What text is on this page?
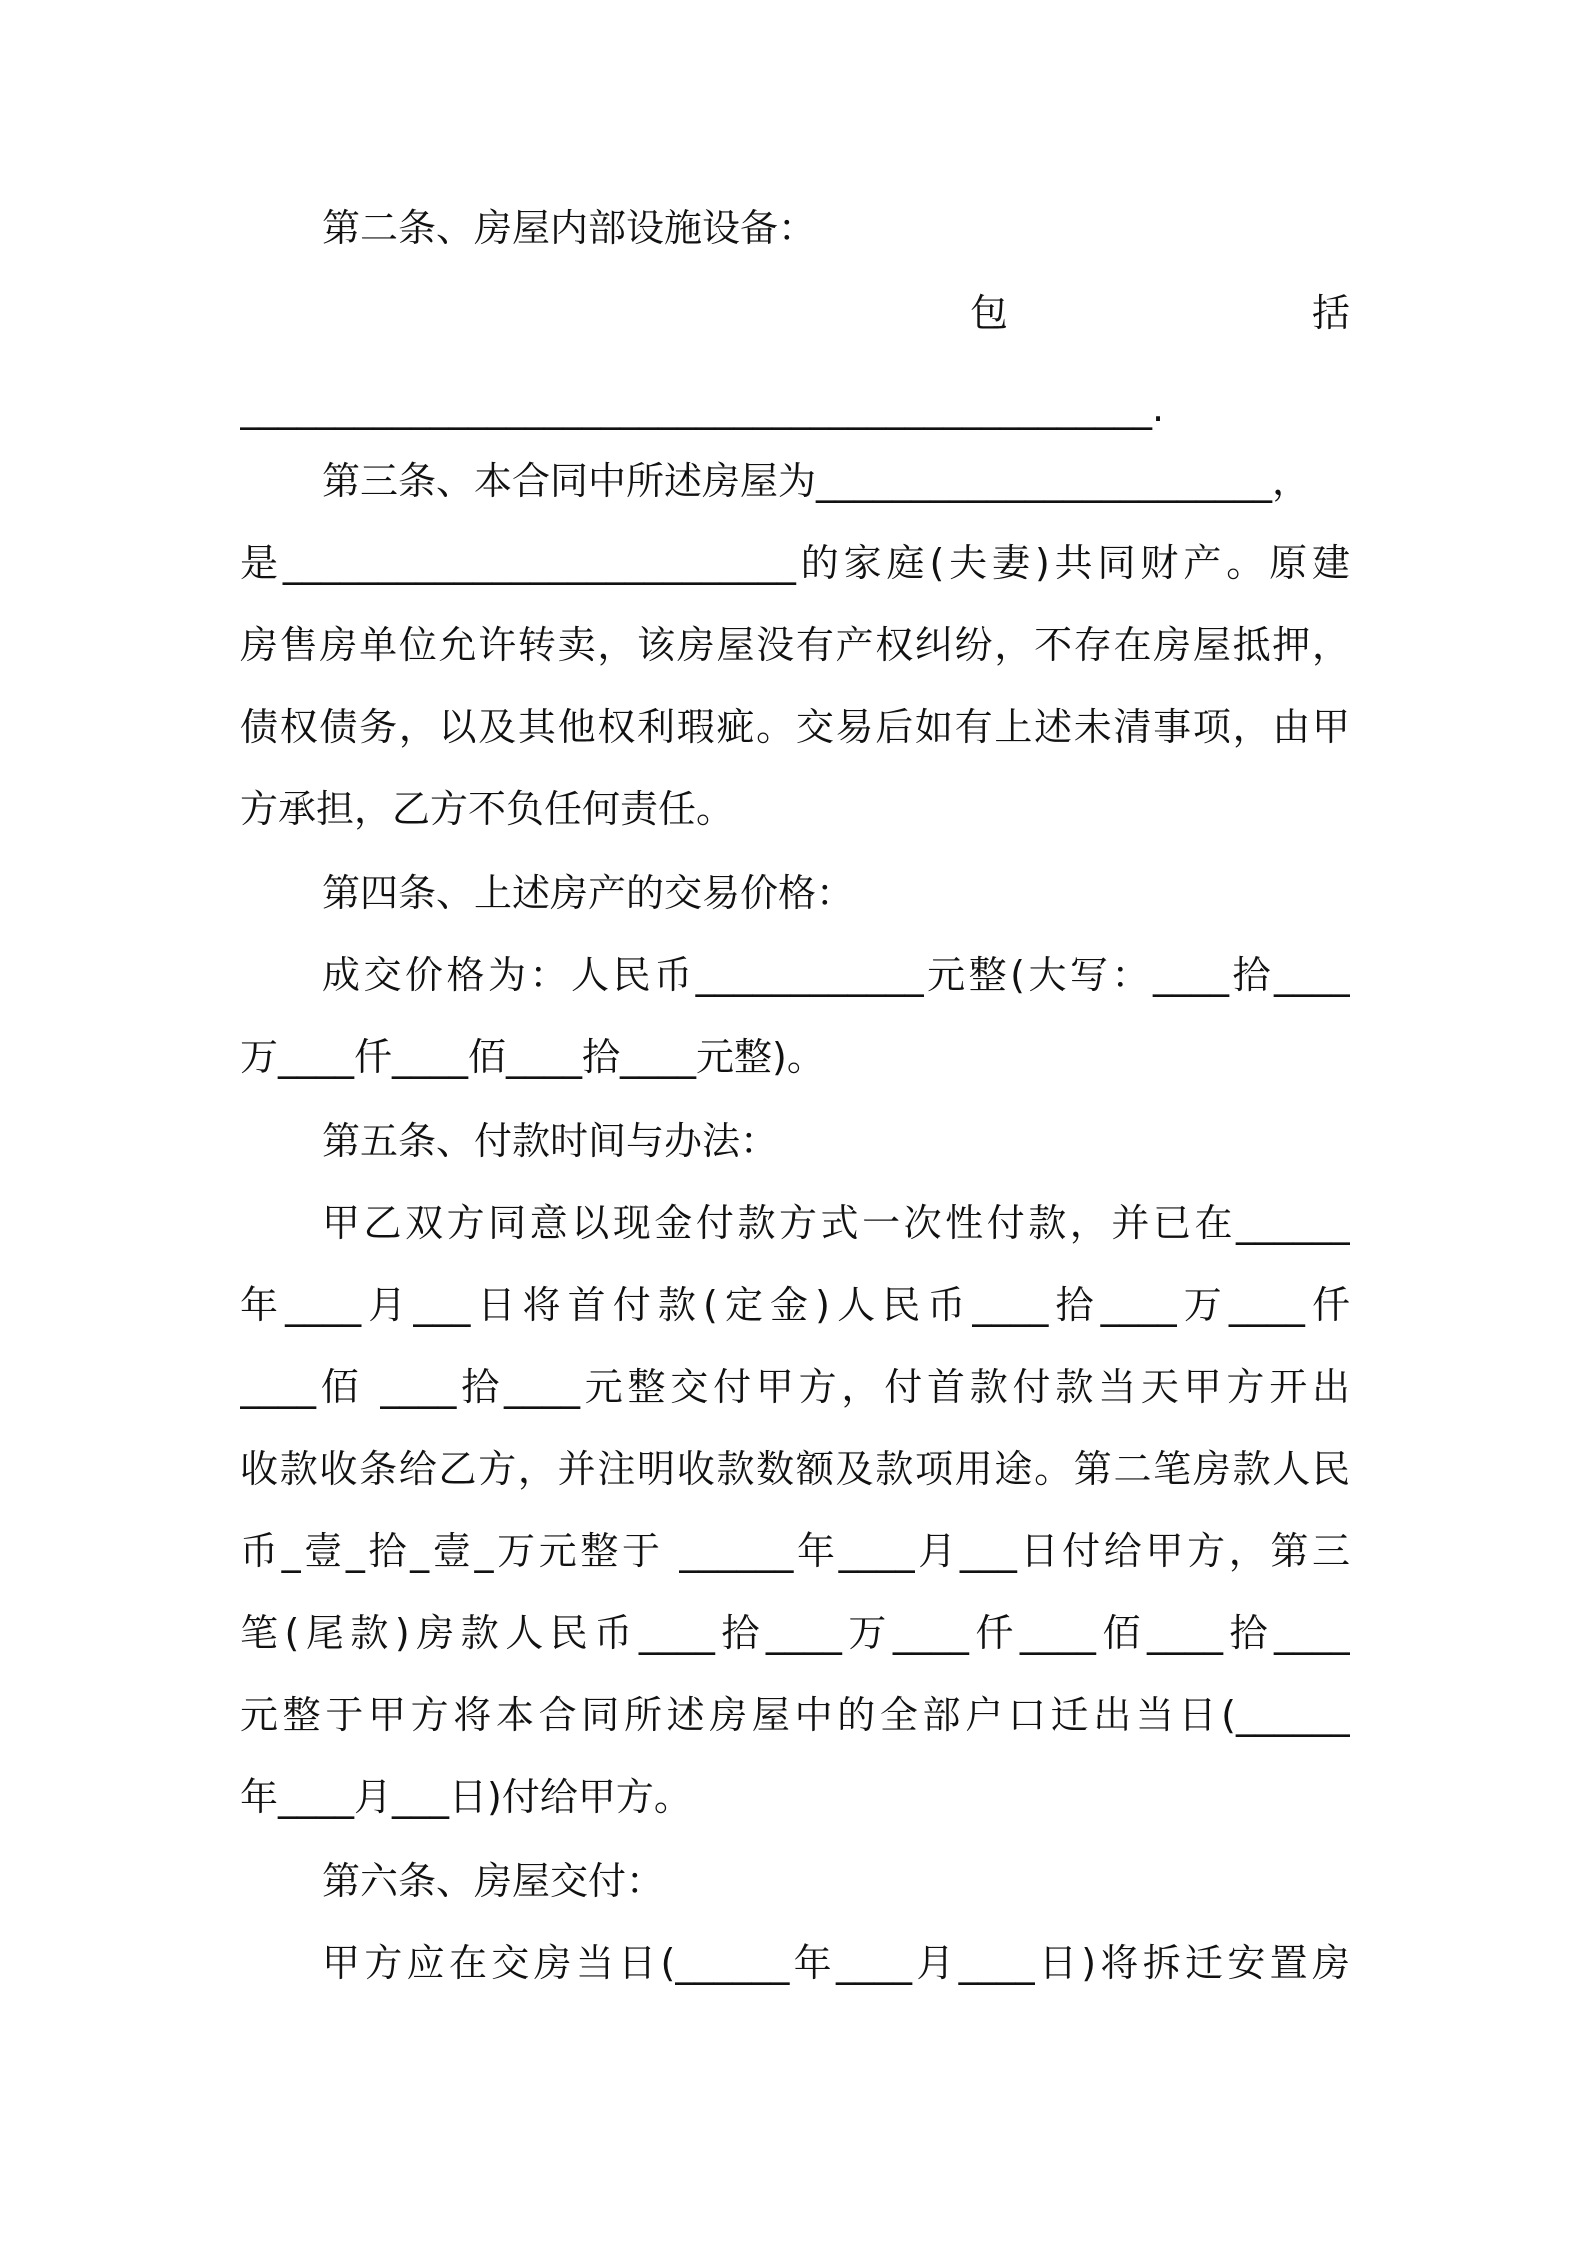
第二条、房屋内部设施设备：
包	括
________________________________________________.
第三条、本合同中所述房屋为________________________，
是___________________________的家庭(夫妻)共同财产。原建
房售房单位允许转卖，该房屋没有产权纠纷，不存在房屋抵押，
债权债务，以及其他权利瑕疵。交易后如有上述未清事项，由甲
方承担，乙方不负任何责任。
第四条、上述房产的交易价格：
成交价格为：人民币____________元整(大写：____拾____
万____仟____佰____拾____元整)。
第五条、付款时间与办法：
甲乙双方同意以现金付款方式一次性付款，并已在______
年____月___日将首付款(定金)人民币____拾____万____仟
____佰 ____拾____元整交付甲方，付首款付款当天甲方开出
收款收条给乙方，并注明收款数额及款项用途。第二笔房款人民
币_壹_拾_壹_万元整于 ______年____月___日付给甲方，第三
笔(尾款)房款人民币____拾____万____仟____佰____拾____
元整于甲方将本合同所述房屋中的全部户口迁出当日(______
年____月___日)付给甲方。
第六条、房屋交付：
甲方应在交房当日(______年____月____日)将拆迁安置房
